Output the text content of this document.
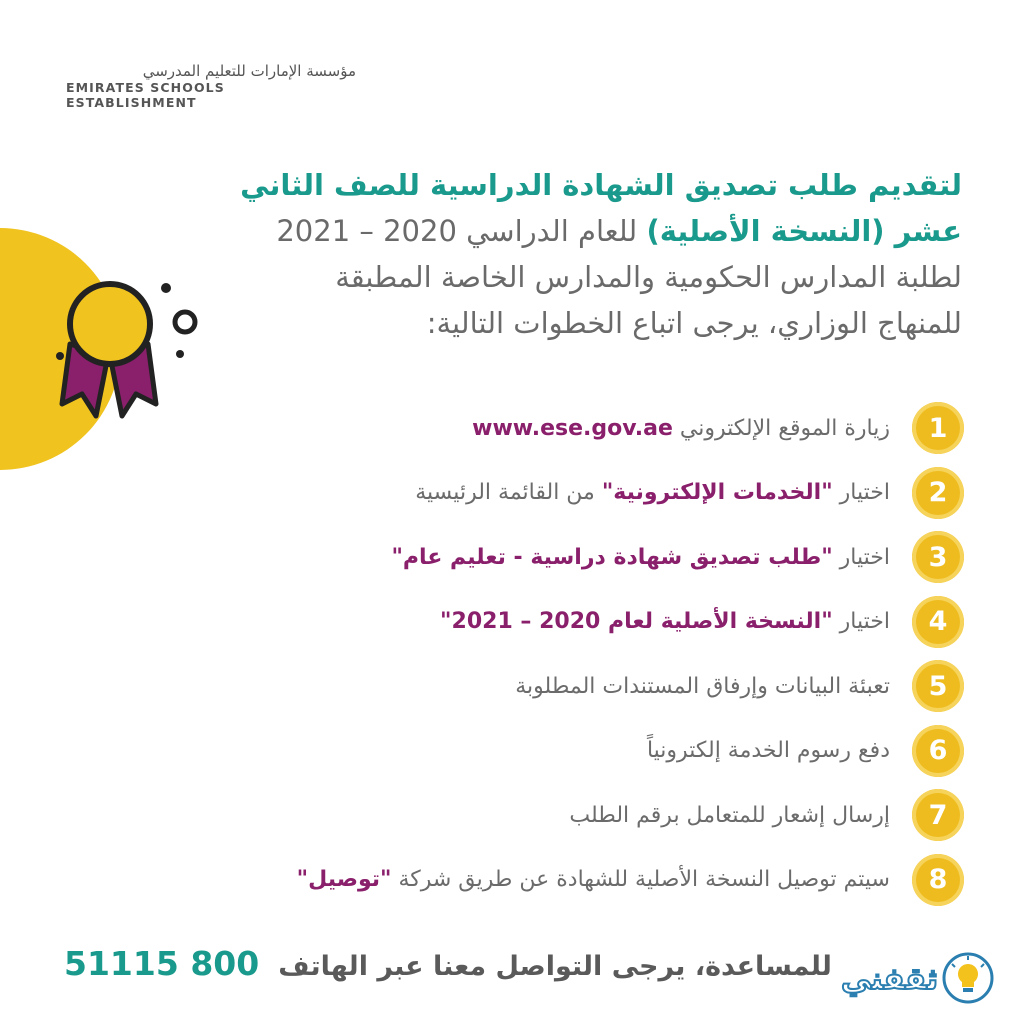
مؤسسة الإمارات للتعليم المدرسي
EMIRATES SCHOOLS ESTABLISHMENT
لتقديم طلب تصديق الشهادة الدراسية للصف الثاني
عشر (النسخة الأصلية) للعام الدراسي 2020 – 2021
لطلبة المدارس الحكومية والمدارس الخاصة المطبقة
للمنهاج الوزاري، يرجى اتباع الخطوات التالية:
1
زيارة الموقع الإلكتروني www.ese.gov.ae
2
اختيار "الخدمات الإلكترونية" من القائمة الرئيسية
3
اختيار "طلب تصديق شهادة دراسية - تعليم عام"
4
اختيار "النسخة الأصلية لعام 2020 – 2021"
5
تعبئة البيانات وإرفاق المستندات المطلوبة
6
دفع رسوم الخدمة إلكترونياً
7
إرسال إشعار للمتعامل برقم الطلب
8
سيتم توصيل النسخة الأصلية للشهادة عن طريق شركة "توصيل"
للمساعدة، يرجى التواصل معنا عبر الهاتف 800 51115	ثقفني
